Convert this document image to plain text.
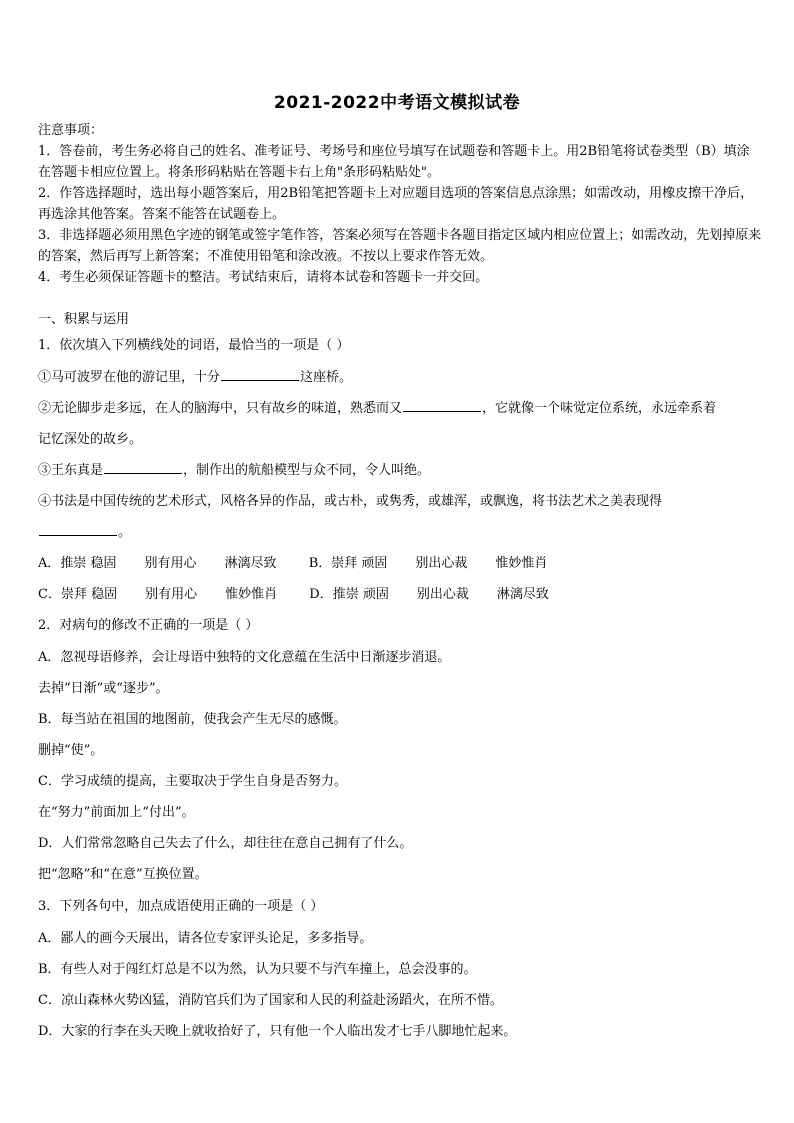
2021-2022中考语文模拟试卷

注意事项：

1．答卷前，考生务必将自己的姓名、准考证号、考场号和座位号填写在试题卷和答题卡上。用2B铅笔将试卷类型（B）填涂在答题卡相应位置上。将条形码粘贴在答题卡右上角"条形码粘贴处"。

2．作答选择题时，选出每小题答案后，用2B铅笔把答题卡上对应题目选项的答案信息点涂黑；如需改动，用橡皮擦干净后，再选涂其他答案。答案不能答在试题卷上。

3．非选择题必须用黑色字迹的钢笔或签字笔作答，答案必须写在答题卡各题目指定区域内相应位置上；如需改动，先划掉原来的答案，然后再写上新答案；不准使用铅笔和涂改液。不按以上要求作答无效。

4．考生必须保证答题卡的整洁。考试结束后，请将本试卷和答题卡一并交回。

一、积累与运用
1．依次填入下列横线处的词语，最恰当的一项是（ ）
①马可波罗在他的游记里，十分	这座桥。
②无论脚步走多远，在人的脑海中，只有故乡的味道，熟悉而又	，它就像一个味觉定位系统，永远牵系着
记忆深处的故乡。
③王东真是	，制作出的航船模型与众不同，令人叫绝。
④书法是中国传统的艺术形式，风格各异的作品，或古朴，或隽秀，或雄浑，或飘逸，将书法艺术之美表现得
。
A．推崇 稳固 别有用心 淋漓尽致 B．崇拜 顽固 别出心裁 惟妙惟肖
C．崇拜 稳固 别有用心 惟妙惟肖 D．推崇 顽固 别出心裁 淋漓尽致
2．对病句的修改不正确的一项是（ ）
A．忽视母语修养，会让母语中独特的文化意蕴在生活中日渐逐步消退。
去掉“日渐”或“逐步”。
B．每当站在祖国的地图前，使我会产生无尽的感慨。
删掉“使”。
C．学习成绩的提高，主要取决于学生自身是否努力。
在“努力”前面加上“付出”。
D．人们常常忽略自己失去了什么，却往往在意自己拥有了什么。
把“忽略”和“在意”互换位置。
3．下列各句中，加点成语使用正确的一项是（ ）
A．鄙人的画今天展出，请各位专家评头论足，多多指导。
B．有些人对于闯红灯总是不以为然，认为只要不与汽车撞上，总会没事的。
C．凉山森林火势凶猛，消防官兵们为了国家和人民的利益赴汤蹈火，在所不惜。
D．大家的行李在头天晚上就收拾好了，只有他一个人临出发才七手八脚地忙起来。
